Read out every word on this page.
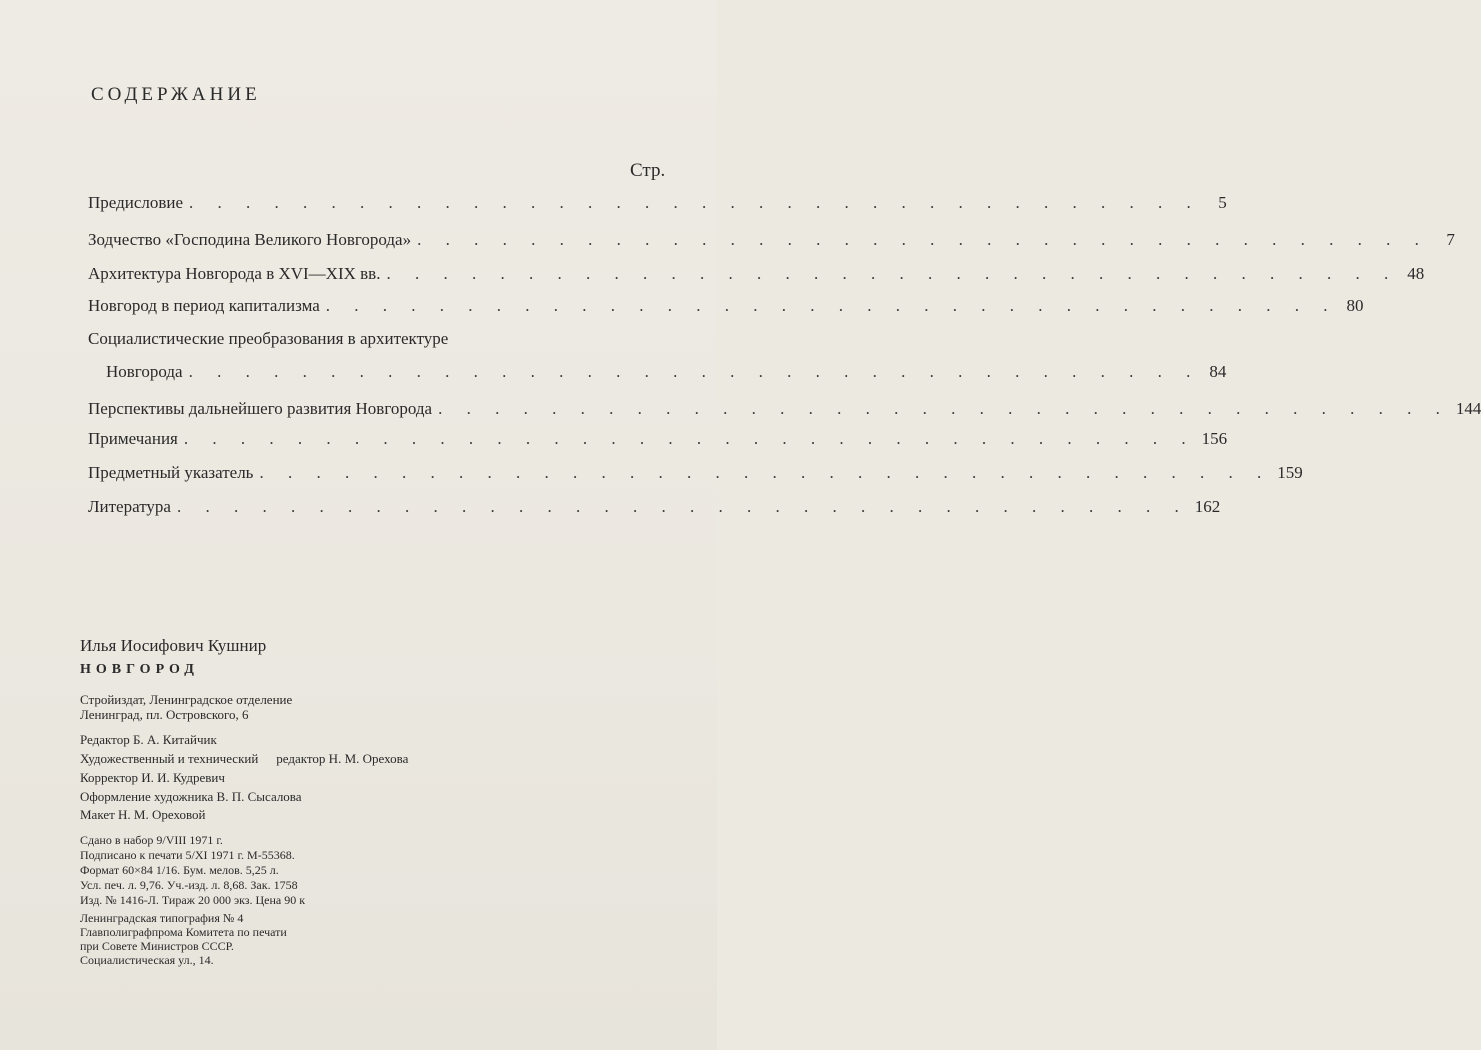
СОДЕРЖАНИЕ
Стр.
Предисловие . . . . . . . . . . . . . . . . . . . . . . . . . . . . . . . . . . . .	5
Зодчество «Господина Великого Новгорода» . . . . . . . . . . . . . . . . . . . . . . . . . . . . . . . . . . . .	7
Архитектура Новгорода в XVI—XIX вв. . . . . . . . . . . . . . . . . . . . . . . . . . . . . . . . . . . . . 48
Новгород в период капитализма . . . . . . . . . . . . . . . . . . . . . . . . . . . . . . . . . . . . 80
Социалистические преобразования в архитектуре
Новгорода . . . . . . . . . . . . . . . . . . . . . . . . . . . . . . . . . . . . 84
Перспективы дальнейшего развития Новгорода . . . . . . . . . . . . . . . . . . . . . . . . . . . . . . . . . . . . 144
Примечания . . . . . . . . . . . . . . . . . . . . . . . . . . . . . . . . . . . . 156
Предметный указатель . . . . . . . . . . . . . . . . . . . . . . . . . . . . . . . . . . . . 159
Литература . . . . . . . . . . . . . . . . . . . . . . . . . . . . . . . . . . . . 162
Илья Иосифович Кушнир
НОВГОРОД
Стройиздат, Ленинградское отделение
Ленинград, пл. Островского, 6
Редактор Б. А. Китайчик
Художественный и технический редактор Н. М. Орехова
Корректор И. И. Кудревич
Оформление художника В. П. Сысалова
Макет Н. М. Ореховой
Сдано в набор 9/VIII 1971 г.
Подписано к печати 5/XI 1971 г. М-55368.
Формат 60×84 1/16. Бум. мелов. 5,25 л.
Усл. печ. л. 9,76. Уч.-изд. л. 8,68. Зак. 1758
Изд. № 1416-Л. Тираж 20 000 экз. Цена 90 к
Ленинградская типография № 4
Главполиграфпрома Комитета по печати
при Совете Министров СССР.
Социалистическая ул., 14.
